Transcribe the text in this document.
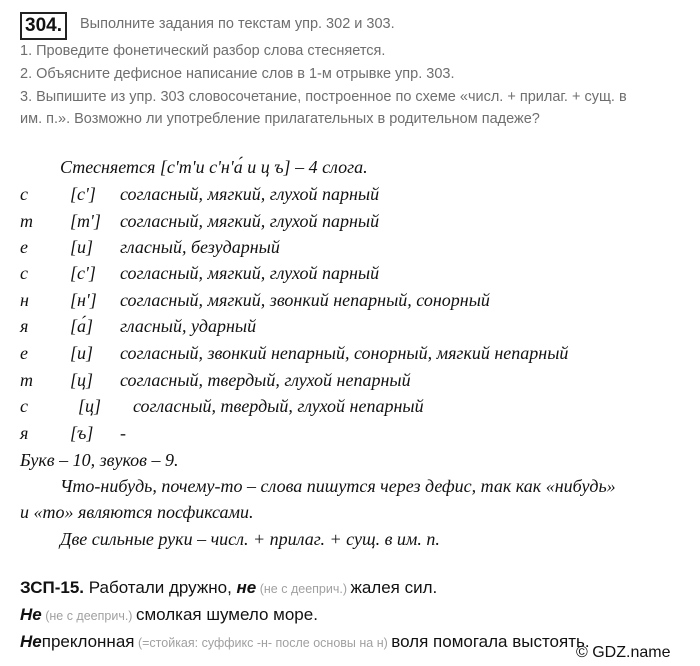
304.	Выполните задания по текстам упр. 302 и 303.
1. Проведите фонетический разбор слова стесняется.
2. Объясните дефисное написание слов в 1-м отрывке упр. 303.
3. Выпишите из упр. 303 словосочетание, построенное по схеме «числ. + прилаг. + сущ. в
им. п.». Возможно ли употребление прилагательных в родительном падеже?
Стесняется [с'т'и с'н'а́ и ц ъ] – 4 слога.
с [с'] согласный, мягкий, глухой парный
т [т'] согласный, мягкий, глухой парный
е [и] гласный, безударный
с [с'] согласный, мягкий, глухой парный
н [н'] согласный, мягкий, звонкий непарный, сонорный
я [а́] гласный, ударный
е [и] согласный, звонкий непарный, сонорный, мягкий непарный
т [ц] согласный, твердый, глухой непарный
с	[ц] согласный, твердый, глухой непарный
я [ъ] -
Букв – 10, звуков – 9.
Что-нибудь, почему-то – слова пишутся через дефис, так как «нибудь»
и «то» являются посфиксами.
Две сильные руки – числ. + прилаг. + сущ. в им. п.
ЗСП-15. Работали дружно, не (не с дееприч.) жалея сил.
Не (не с дееприч.) смолкая шумело море.
Непреклонная (=стойкая: суффикс -н- после основы на н) воля помогала выстоять.
© GDZ.name
